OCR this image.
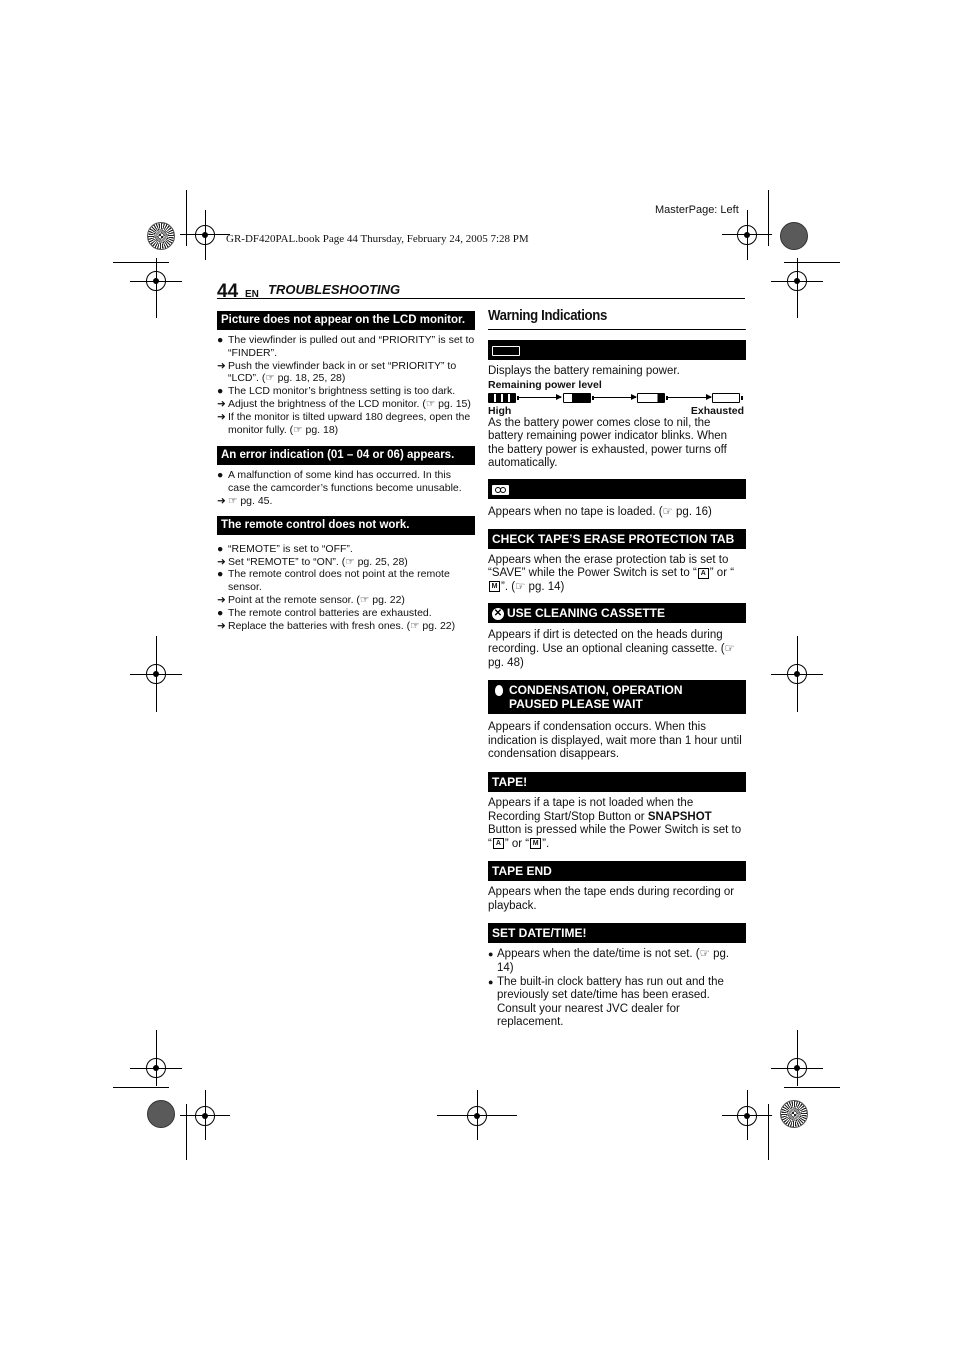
GR-DF420PAL.book Page 44 Thursday, February 24, 2005 7:28 PM
MasterPage: Left
44 EN TROUBLESHOOTING
Picture does not appear on the LCD monitor.
● The viewfinder is pulled out and “PRIORITY” is set to “FINDER”.
➜ Push the viewfinder back in or set “PRIORITY” to “LCD”. (☞ pg. 18, 25, 28)
● The LCD monitor’s brightness setting is too dark.
➜ Adjust the brightness of the LCD monitor. (☞ pg. 15)
➜ If the monitor is tilted upward 180 degrees, open the monitor fully. (☞ pg. 18)
An error indication (01 – 04 or 06) appears.
● A malfunction of some kind has occurred. In this case the camcorder’s functions become unusable.
➜ ☞ pg. 45.
The remote control does not work.
● “REMOTE” is set to “OFF”.
➜ Set “REMOTE” to “ON”. (☞ pg. 25, 28)
● The remote control does not point at the remote sensor.
➜ Point at the remote sensor. (☞ pg. 22)
● The remote control batteries are exhausted.
➜ Replace the batteries with fresh ones. (☞ pg. 22)
Warning Indications
Displays the battery remaining power.
Remaining power level
High	Exhausted
As the battery power comes close to nil, the battery remaining power indicator blinks. When the battery power is exhausted, power turns off automatically.
Appears when no tape is loaded. (☞ pg. 16)
CHECK TAPE’S ERASE PROTECTION TAB
Appears when the erase protection tab is set to “SAVE” while the Power Switch is set to “ A ” or “M ”. (☞ pg. 14)
✕ USE CLEANING CASSETTE
Appears if dirt is detected on the heads during recording. Use an optional cleaning cassette. (☞ pg. 48)
CONDENSATION, OPERATION
PAUSED PLEASE WAIT
Appears if condensation occurs. When this indication is displayed, wait more than 1 hour until condensation disappears.
TAPE!
Appears if a tape is not loaded when the Recording Start/Stop Button or SNAPSHOT Button is pressed while the Power Switch is set to “ A ” or “ M ”.
TAPE END
Appears when the tape ends during recording or playback.
SET DATE/TIME!
● Appears when the date/time is not set. (☞ pg. 14)
● The built-in clock battery has run out and the previously set date/time has been erased. Consult your nearest JVC dealer for replacement.
